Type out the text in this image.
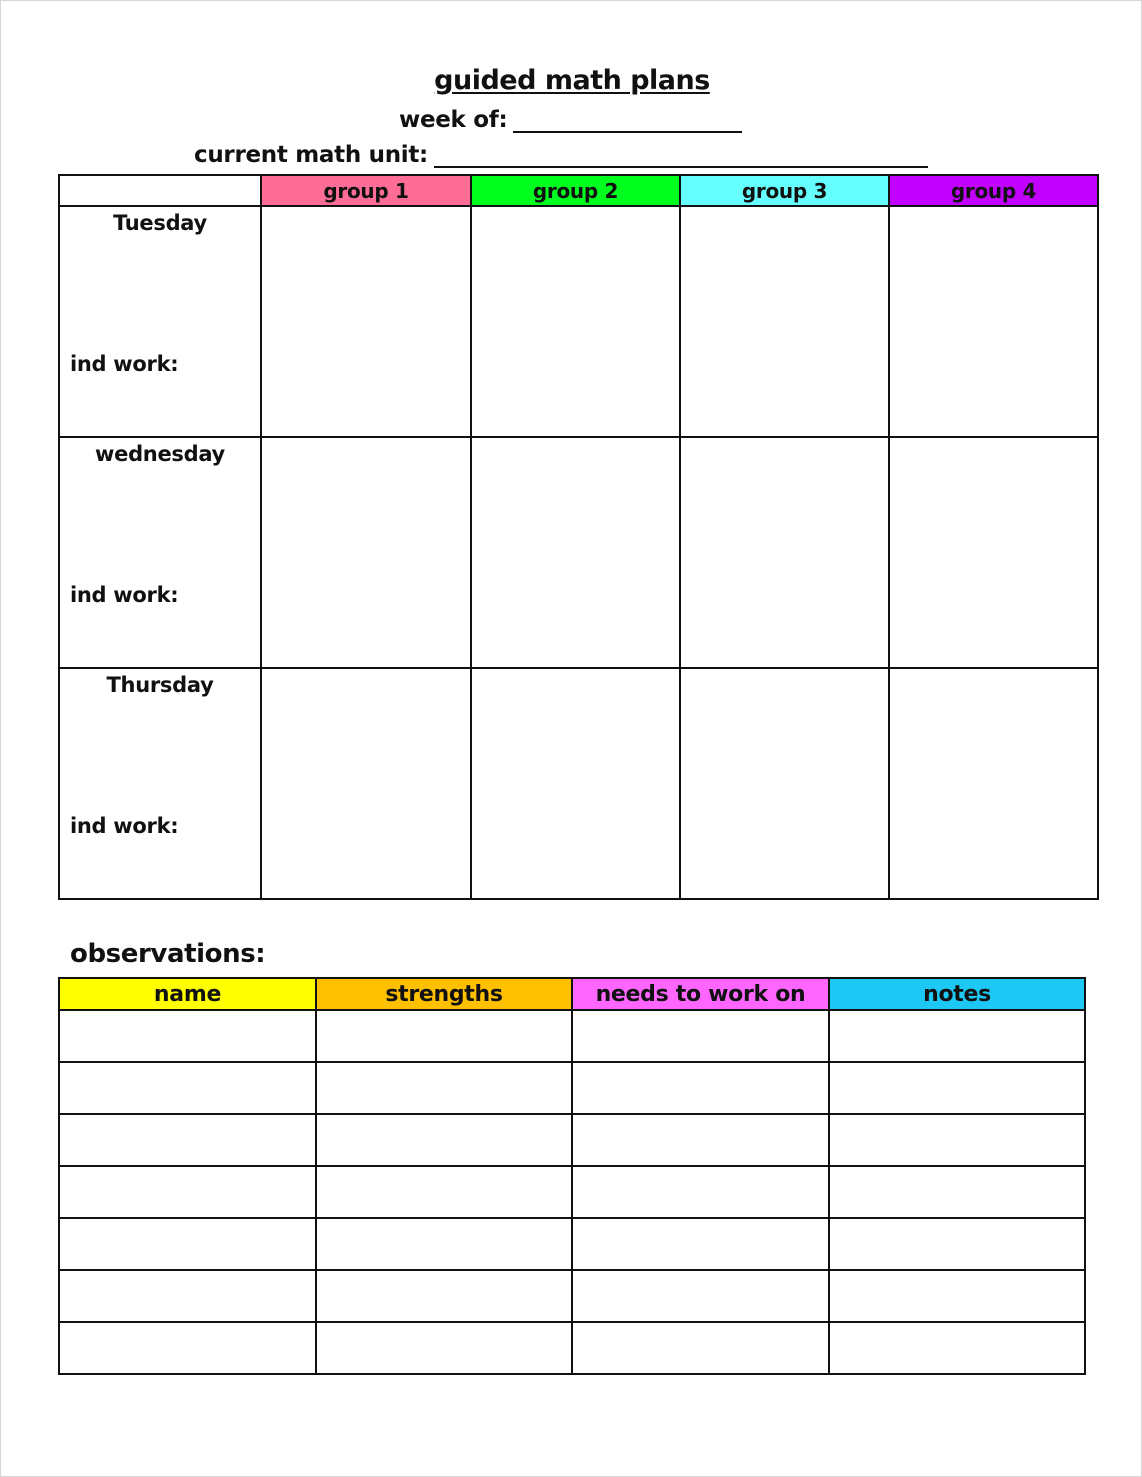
guided math plans
week of:
current math unit:
	group 1	group 2	group 3	group 4

Tuesday
ind work:				

wednesday
ind work:				

Thursday
ind work:				

observations:
name	strengths	needs to work on	notes
